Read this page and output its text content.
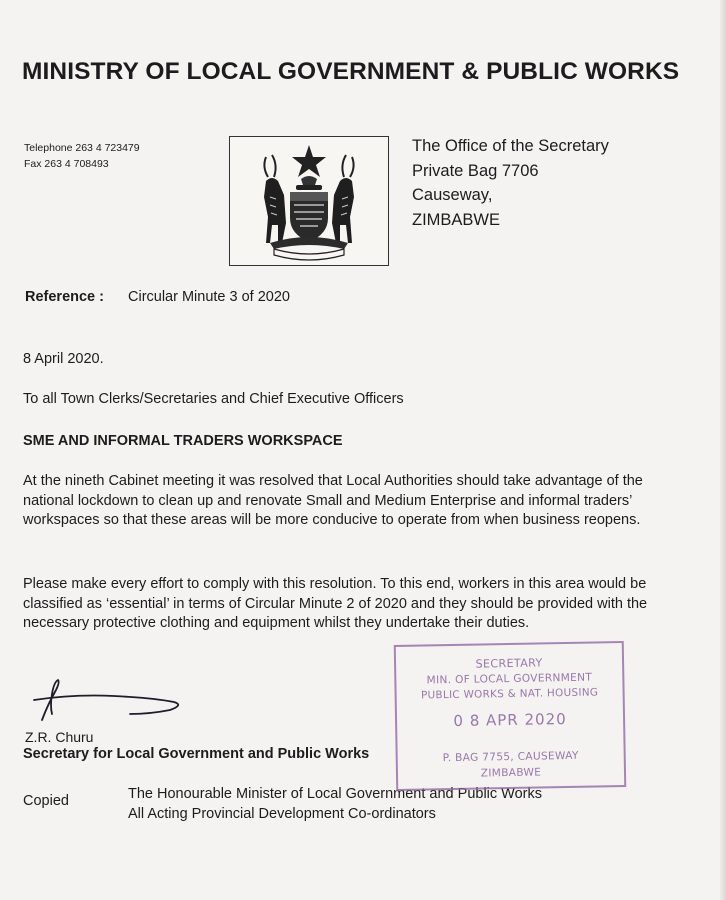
MINISTRY OF LOCAL GOVERNMENT & PUBLIC WORKS
Telephone 263 4 723479
Fax 263 4 708493
The Office of the Secretary
Private Bag 7706
Causeway,
ZIMBABWE
Reference : Circular Minute 3 of 2020
8 April 2020.
To all Town Clerks/Secretaries and Chief Executive Officers
SME AND INFORMAL TRADERS WORKSPACE
At the nineth Cabinet meeting it was resolved that Local Authorities should take advantage of the national lockdown to clean up and renovate Small and Medium Enterprise and informal traders’ workspaces so that these areas will be more conducive to operate from when business reopens.
Please make every effort to comply with this resolution. To this end, workers in this area would be classified as ‘essential’ in terms of Circular Minute 2 of 2020 and they should be provided with the necessary protective clothing and equipment whilst they undertake their duties.
Z.R. Churu
Secretary for Local Government and Public Works
Copied	The Honourable Minister of Local Government and Public Works
All Acting Provincial Development Co-ordinators
SECRETARY
MIN. OF LOCAL GOVERNMENT
PUBLIC WORKS & NAT. HOUSING
0 8 APR 2020
P. BAG 7755, CAUSEWAY
ZIMBABWE
